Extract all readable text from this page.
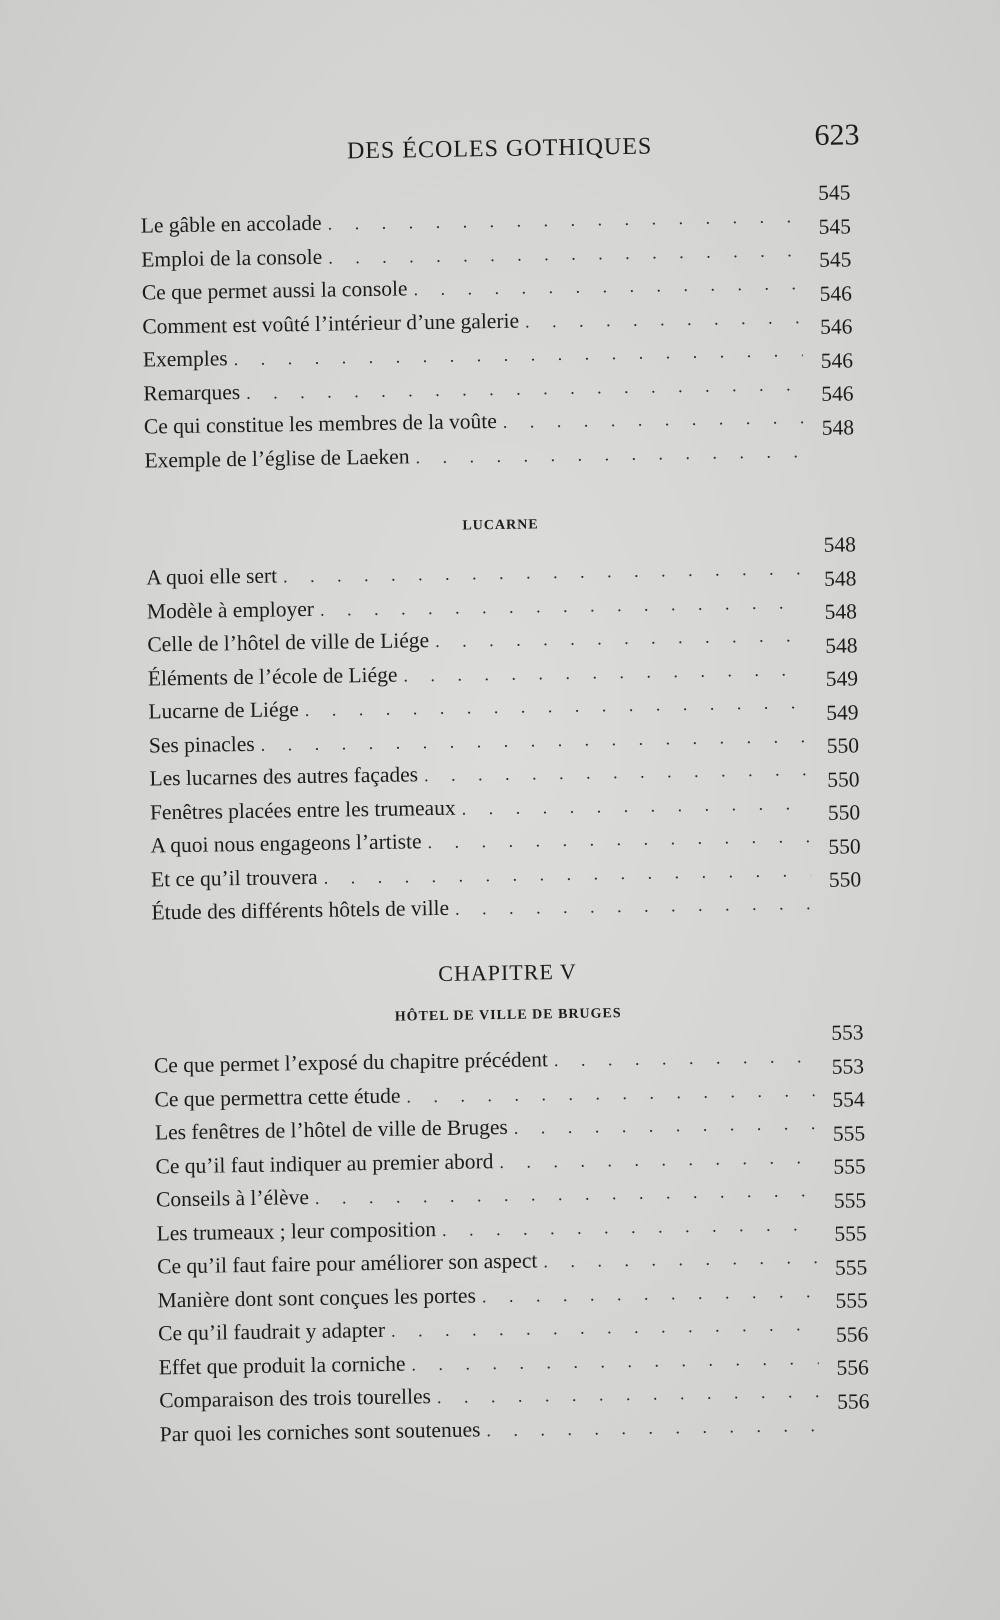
DES ÉCOLES GOTHIQUES	623
Le gâble en accolade
. . .
545
Emploi de la console
. . .
545
Ce que permet aussi la console
. . .
545
Comment est voûté l’intérieur d’une galerie
. . .
546
Exemples
. . .
546
Remarques
. . .
546
Ce qui constitue les membres de la voûte
. . .
546
Exemple de l’église de Laeken
. . .
548
LUCARNE
A quoi elle sert
. . .
548
Modèle à employer
. . .
548
Celle de l’hôtel de ville de Liége
. . .
548
Éléments de l’école de Liége
. . .
548
Lucarne de Liége
. . .
549
Ses pinacles
. . .
549
Les lucarnes des autres façades
. . .
550
Fenêtres placées entre les trumeaux
. . .
550
A quoi nous engageons l’artiste
. . .
550
Et ce qu’il trouvera
. . .
550
Étude des différents hôtels de ville
. . .
550
CHAPITRE V
HÔTEL DE VILLE DE BRUGES
Ce que permet l’exposé du chapitre précédent
. . .
553
Ce que permettra cette étude
. . .
553
Les fenêtres de l’hôtel de ville de Bruges
. . .
554
Ce qu’il faut indiquer au premier abord
. . .
555
Conseils à l’élève
. . .
555
Les trumeaux ; leur composition
. . .
555
Ce qu’il faut faire pour améliorer son aspect
. . .
555
Manière dont sont conçues les portes
. . .
555
Ce qu’il faudrait y adapter
. . .
555
Effet que produit la corniche
. . .
556
Comparaison des trois tourelles
. . .
556
Par quoi les corniches sont soutenues
. . .
556
